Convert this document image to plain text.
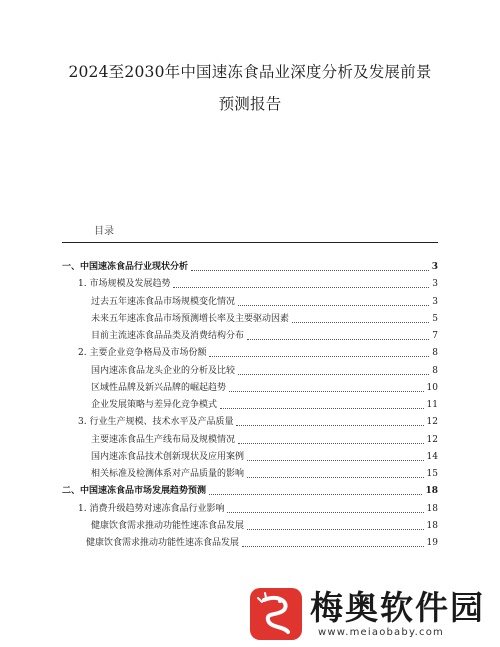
2024至2030年中国速冻食品业深度分析及发展前景
预测报告
目录
一、中国速冻食品行业现状分析	3
1. 市场规模及发展趋势	3
过去五年速冻食品市场规模变化情况	3
未来五年速冻食品市场预测增长率及主要驱动因素	5
目前主流速冻食品品类及消费结构分布	7
2. 主要企业竞争格局及市场份额	8
国内速冻食品龙头企业的分析及比较	8
区域性品牌及新兴品牌的崛起趋势	10
企业发展策略与差异化竞争模式	11
3. 行业生产规模、技术水平及产品质量	12
主要速冻食品生产线布局及规模情况	12
国内速冻食品技术创新现状及应用案例	14
相关标准及检测体系对产品质量的影响	15
二、中国速冻食品市场发展趋势预测	18
1. 消费升级趋势对速冻食品行业影响	18
健康饮食需求推动功能性速冻食品发展	18
健康饮食需求推动功能性速冻食品发展	19
梅奥软件园
www.meiaobaby.com
